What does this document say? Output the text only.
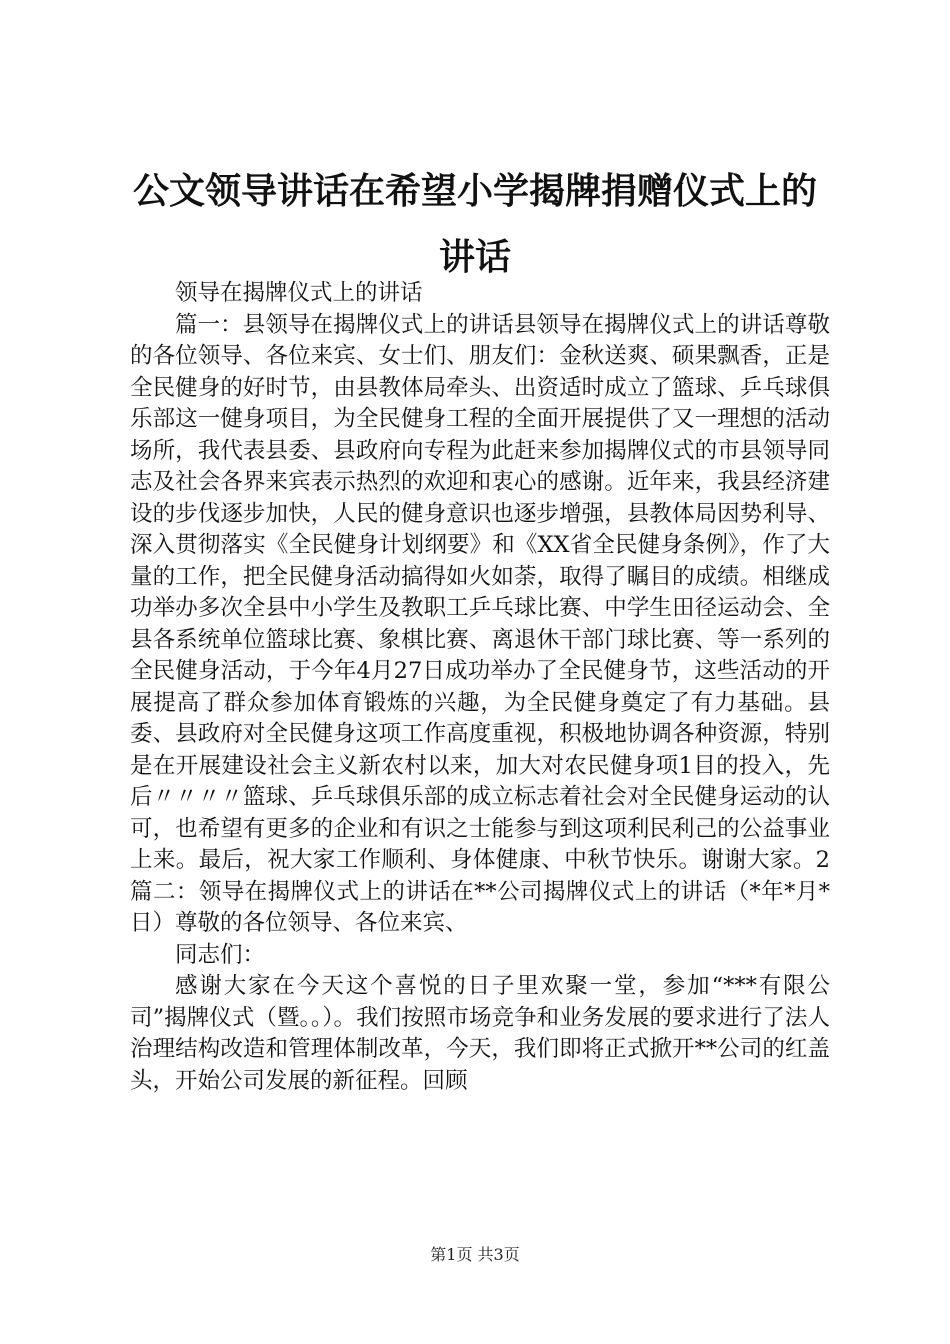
公文领导讲话在希望小学揭牌捐赠仪式上的讲话

领导在揭牌仪式上的讲话

篇一：县领导在揭牌仪式上的讲话县领导在揭牌仪式上的讲话尊敬的各位领导、各位来宾、女士们、朋友们：金秋送爽、硕果飘香，正是全民健身的好时节，由县教体局牵头、出资适时成立了篮球、乒乓球俱乐部这一健身项目，为全民健身工程的全面开展提供了又一理想的活动场所，我代表县委、县政府向专程为此赶来参加揭牌仪式的市县领导同志及社会各界来宾表示热烈的欢迎和衷心的感谢。近年来，我县经济建设的步伐逐步加快，人民的健身意识也逐步增强，县教体局因势利导、深入贯彻落实《全民健身计划纲要》和《XX省全民健身条例》，作了大量的工作，把全民健身活动搞得如火如荼，取得了瞩目的成绩。相继成功举办多次全县中小学生及教职工乒乓球比赛、中学生田径运动会、全县各系统单位篮球比赛、象棋比赛、离退休干部门球比赛、等一系列的全民健身活动，于今年4月27日成功举办了全民健身节，这些活动的开展提高了群众参加体育锻炼的兴趣，为全民健身奠定了有力基础。县委、县政府对全民健身这项工作高度重视，积极地协调各种资源，特别是在开展建设社会主义新农村以来，加大对农民健身项1目的投入，先后〃〃〃〃篮球、乒乓球俱乐部的成立标志着社会对全民健身运动的认可，也希望有更多的企业和有识之士能参与到这项利民利己的公益事业上来。最后，祝大家工作顺利、身体健康、中秋节快乐。谢谢大家。2篇二：领导在揭牌仪式上的讲话在**公司揭牌仪式上的讲话（*年*月*日）尊敬的各位领导、各位来宾、

同志们：

感谢大家在今天这个喜悦的日子里欢聚一堂，参加“***有限公司”揭牌仪式（暨。。）。我们按照市场竞争和业务发展的要求进行了法人治理结构改造和管理体制改革，今天，我们即将正式掀开**公司的红盖头，开始公司发展的新征程。回顾

第1页 共3页
